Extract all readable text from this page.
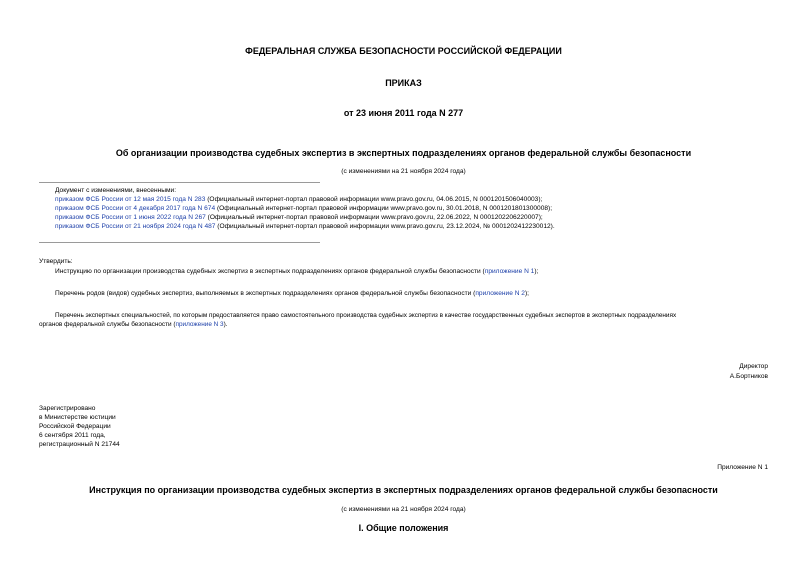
ФЕДЕРАЛЬНАЯ СЛУЖБА БЕЗОПАСНОСТИ РОССИЙСКОЙ ФЕДЕРАЦИИ
ПРИКАЗ
от 23 июня 2011 года N 277
Об организации производства судебных экспертиз в экспертных подразделениях органов федеральной службы безопасности
(с изменениями на 21 ноября 2024 года)
Документ с изменениями, внесенными:
приказом ФСБ России от 12 мая 2015 года N 283 (Официальный интернет-портал правовой информации www.pravo.gov.ru, 04.06.2015, N 0001201506040003);
приказом ФСБ России от 4 декабря 2017 года N 674 (Официальный интернет-портал правовой информации www.pravo.gov.ru, 30.01.2018, N 0001201801300008);
приказом ФСБ России от 1 июня 2022 года N 267 (Официальный интернет-портал правовой информации www.pravo.gov.ru, 22.06.2022, N 0001202206220007);
приказом ФСБ России от 21 ноября 2024 года N 487 (Официальный интернет-портал правовой информации www.pravo.gov.ru, 23.12.2024, № 0001202412230012).
Утвердить:
Инструкцию по организации производства судебных экспертиз в экспертных подразделениях органов федеральной службы безопасности (приложение N 1);
Перечень родов (видов) судебных экспертиз, выполняемых в экспертных подразделениях органов федеральной службы безопасности (приложение N 2);
Перечень экспертных специальностей, по которым предоставляется право самостоятельного производства судебных экспертиз в качестве государственных судебных экспертов в экспертных подразделениях
органов федеральной службы безопасности (приложение N 3).
Директор
А.Бортников
Зарегистрировано
в Министерстве юстиции
Российской Федерации
6 сентября 2011 года,
регистрационный N 21744
Приложение N 1
Инструкция по организации производства судебных экспертиз в экспертных подразделениях органов федеральной службы безопасности
(с изменениями на 21 ноября 2024 года)
I. Общие положения
